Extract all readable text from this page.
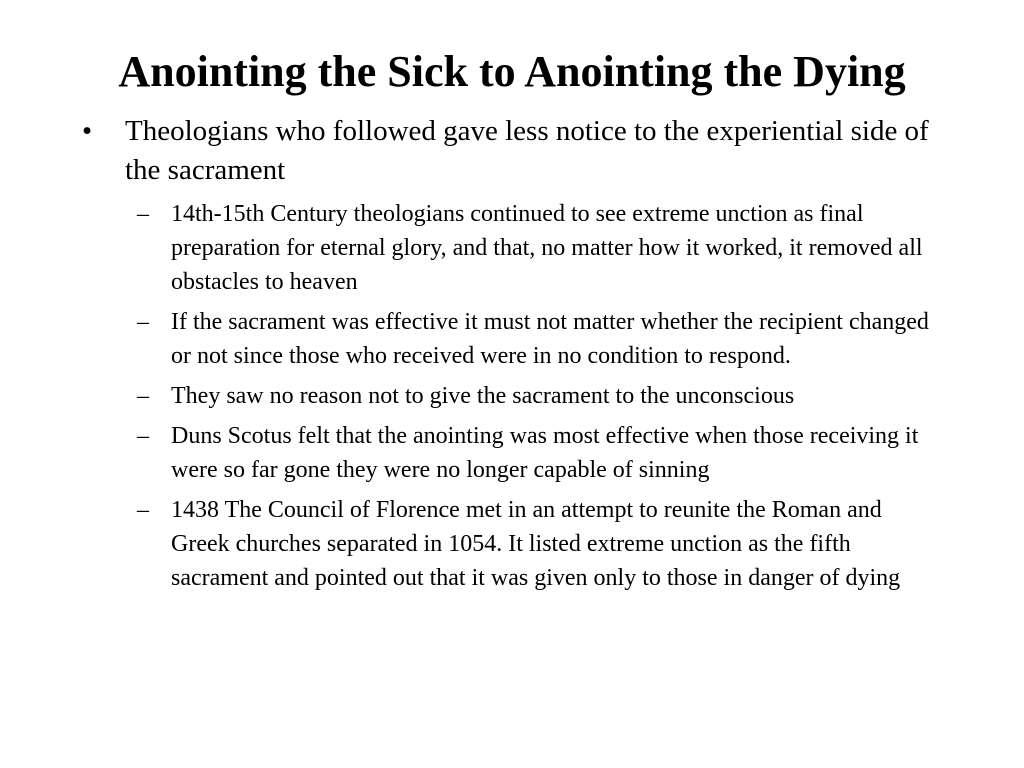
Anointing the Sick to Anointing the Dying
•	Theologians who followed gave less notice to the experiential side of the sacrament
– 14th-15th Century theologians continued to see extreme unction as final preparation for eternal glory, and that, no matter how it worked, it removed all obstacles to heaven
– If the sacrament was effective it must not matter whether the recipient changed or not since those who received were in no condition to respond.
– They saw no reason not to give the sacrament to the unconscious
– Duns Scotus felt that the anointing was most effective when those receiving it were so far gone they were no longer capable of sinning
– 1438 The Council of Florence met in an attempt to reunite the Roman and Greek churches separated in 1054. It listed extreme unction as the fifth sacrament and pointed out that it was given only to those in danger of dying
